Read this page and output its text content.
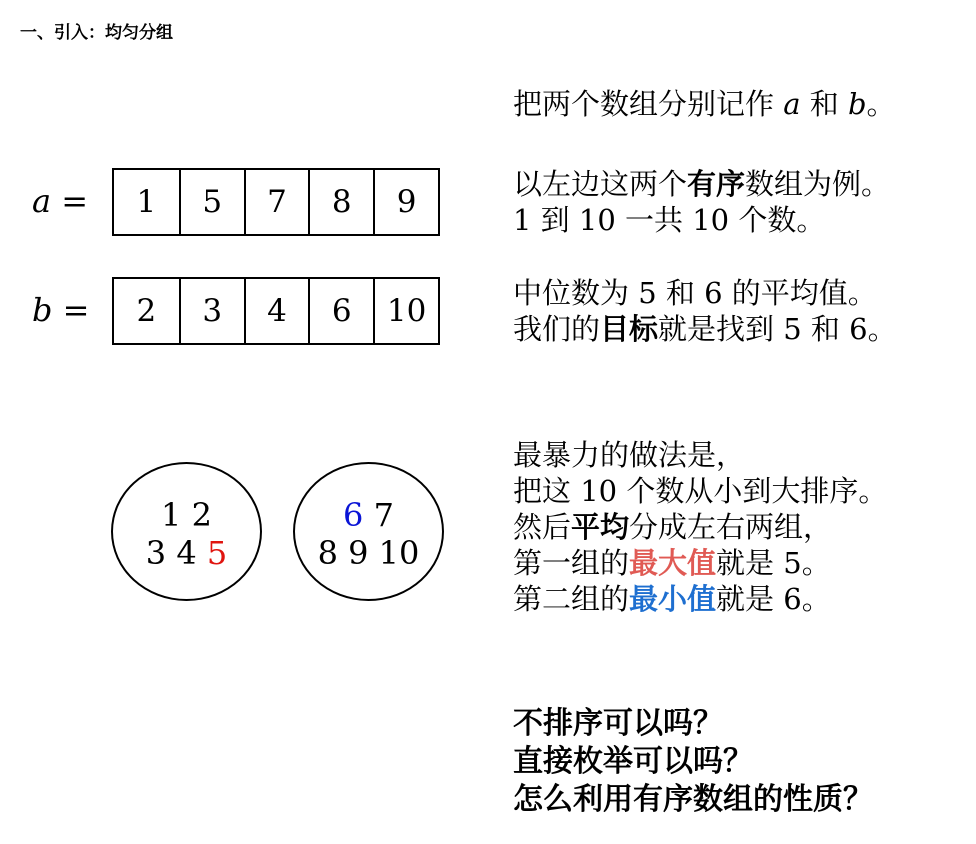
一、引入：均匀分组
a =	1	5	7	8	9
b =	2	3	4	6	10
1 2
3 4 5
6 7
8 9 10
把两个数组分别记作 a 和 b。
以左边这两个有序数组为例。
1 到 10 一共 10 个数。
中位数为 5 和 6 的平均值。
我们的目标就是找到 5 和 6。
最暴力的做法是，
把这 10 个数从小到大排序。
然后平均分成左右两组，
第一组的最大值就是 5。
第二组的最小值就是 6。
不排序可以吗？
直接枚举可以吗？
怎么利用有序数组的性质？
